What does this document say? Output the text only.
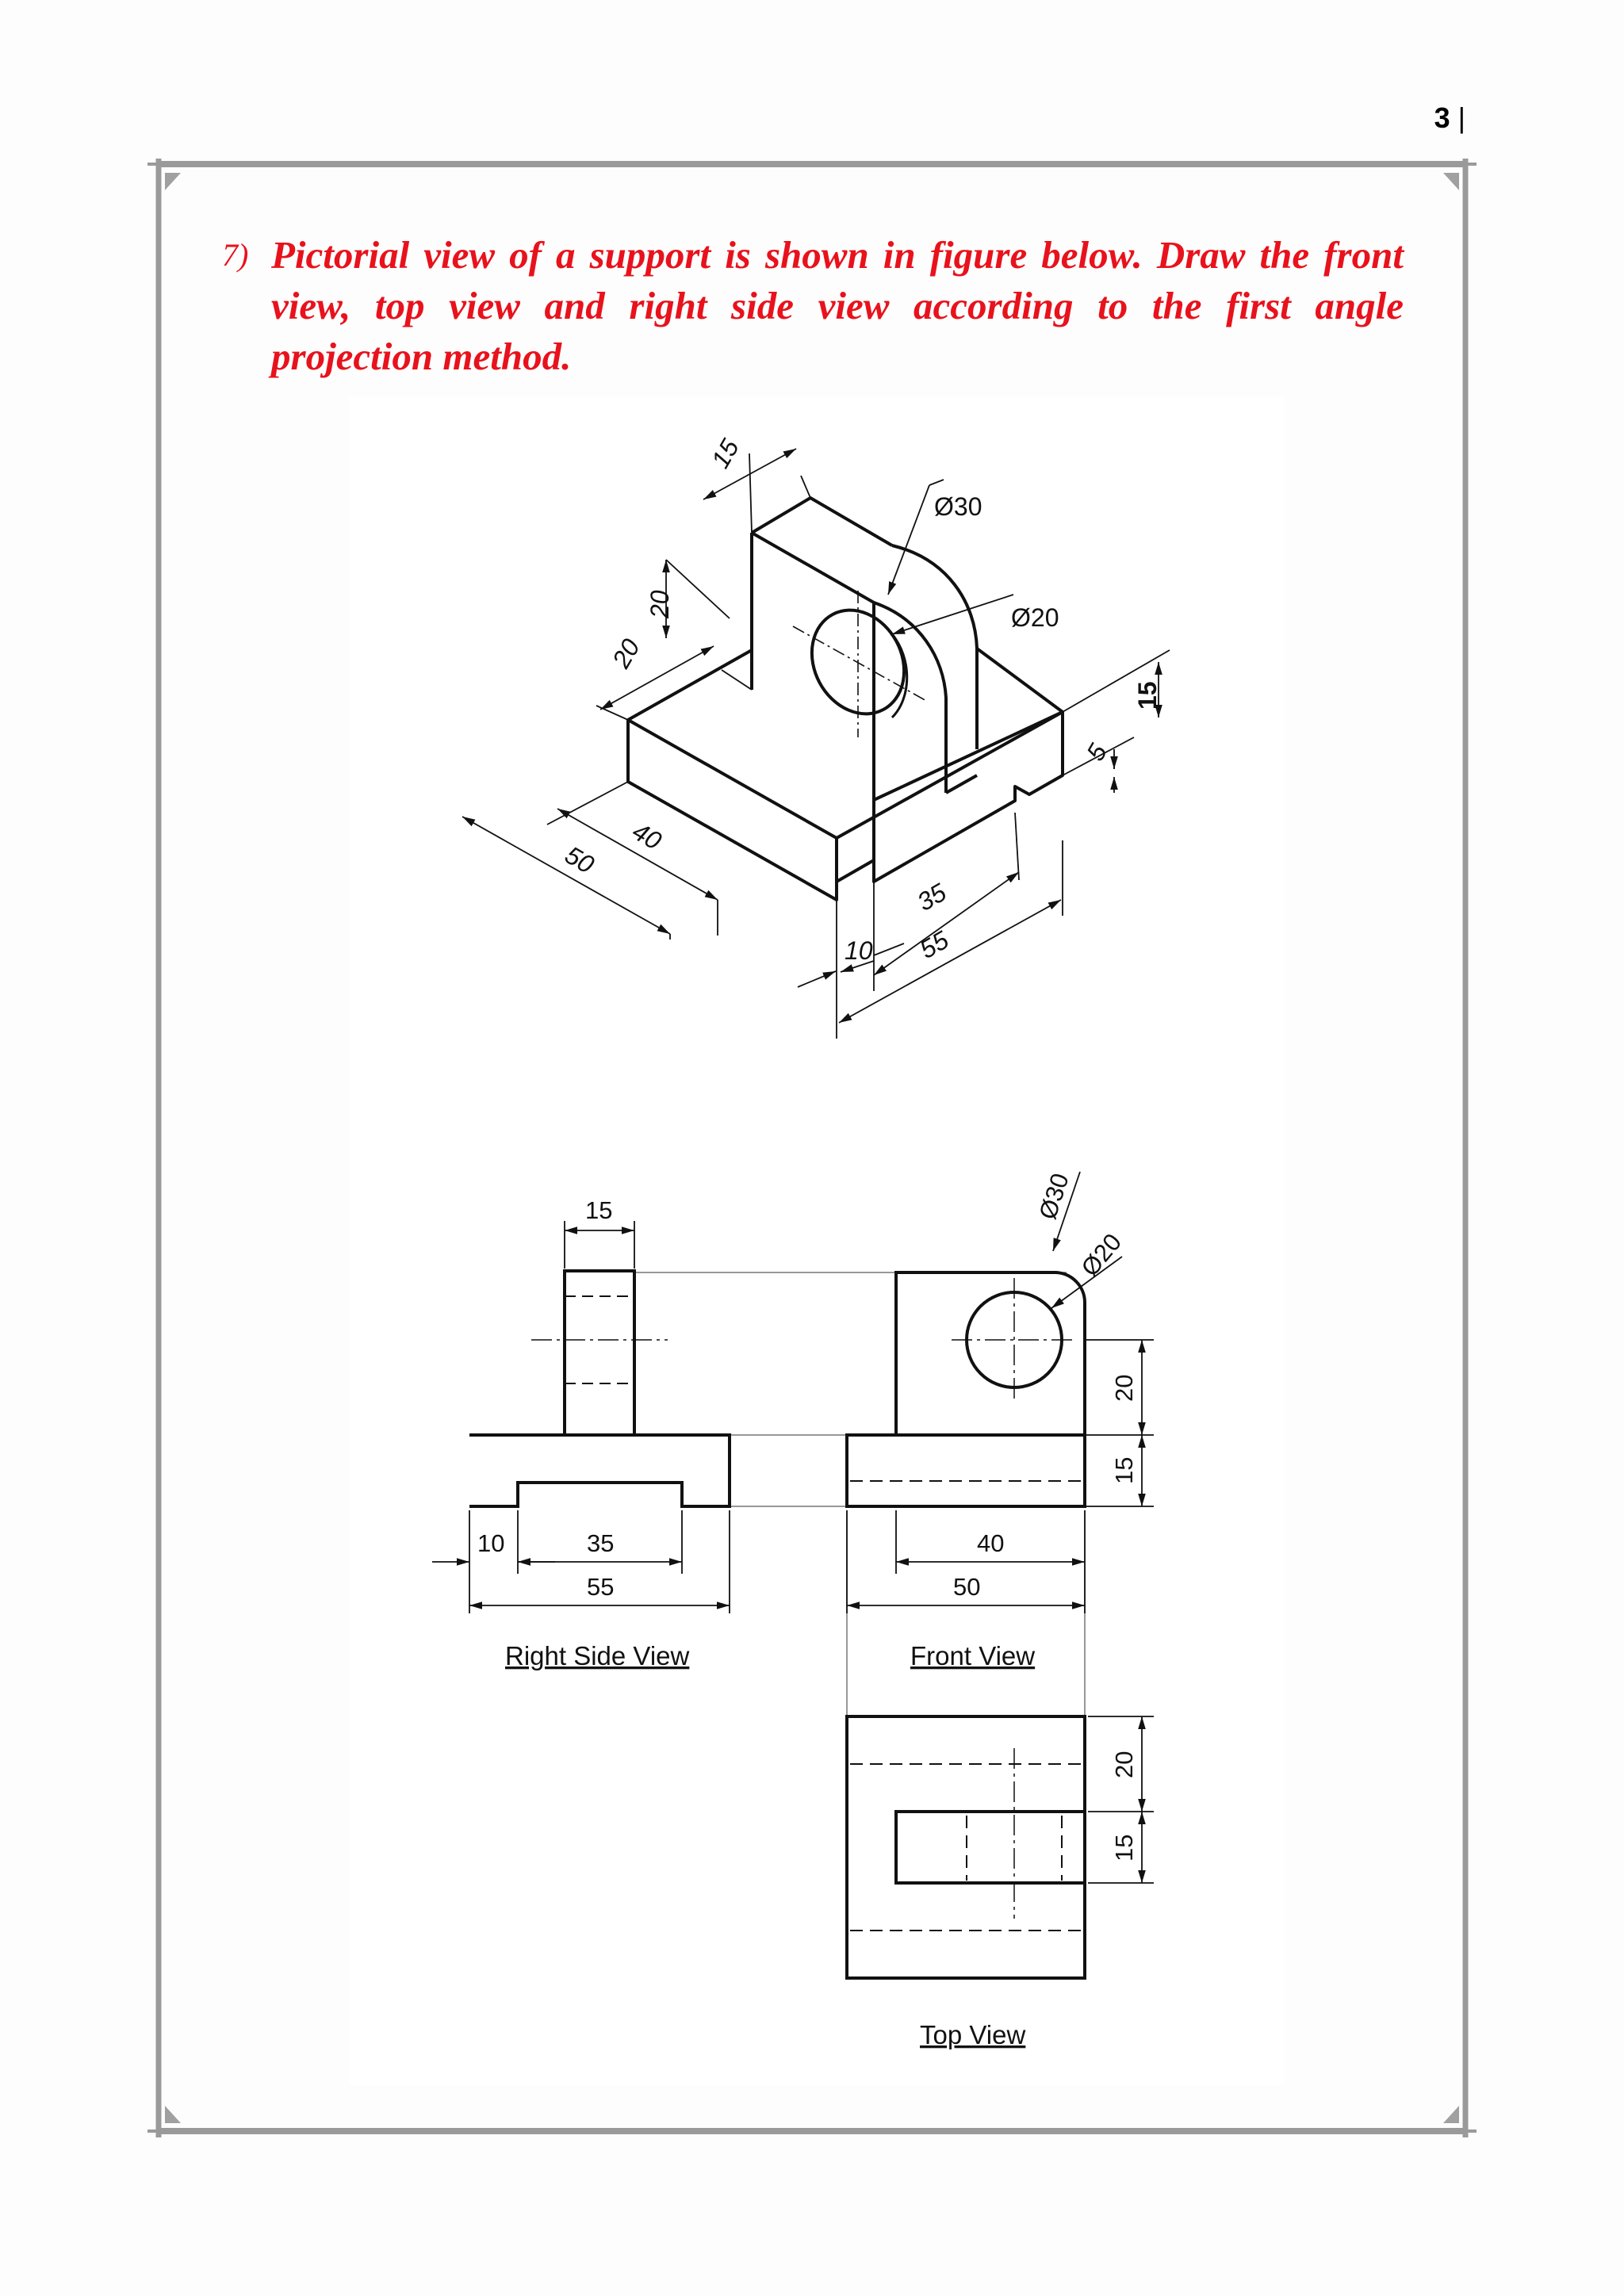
3 |
7) Pictorial view of a support is shown in figure below. Draw the front view, top view and right side view according to the first angle projection method.
15
Ø30
Ø20
20
20
50
40
35
55
10
5
15
15
10	35
55
Right Side View
Ø30
Ø20
40
50
20
15
Front View
20
15
Top View
